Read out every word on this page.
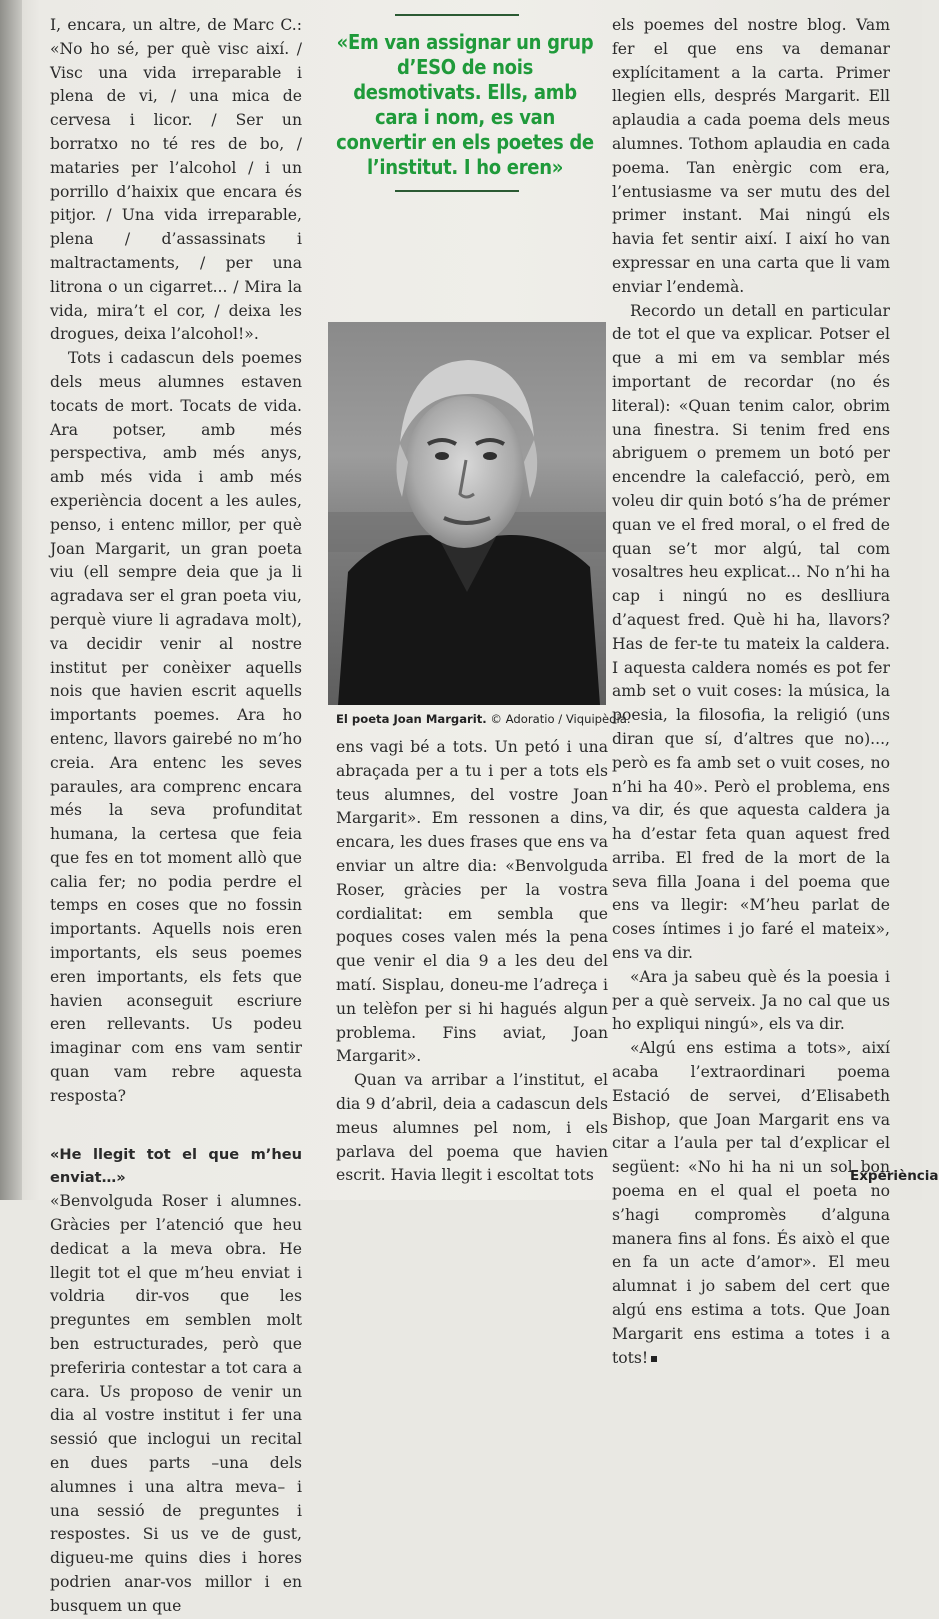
I, encara, un altre, de Marc C.: «No ho sé, per què visc així. / Visc una vida irreparable i plena de vi, / una mica de cervesa i licor. / Ser un borratxo no té res de bo, / mataries per l’alcohol / i un porrillo d’haixix que encara és pitjor. / Una vida irreparable, plena / d’assassinats i maltractaments, / per una litrona o un cigarret... / Mira la vida, mira’t el cor, / deixa les drogues, deixa l’alcohol!».

Tots i cadascun dels poemes dels meus alumnes estaven tocats de mort. Tocats de vida. Ara potser, amb més perspectiva, amb més anys, amb més vida i amb més experiència docent a les aules, penso, i entenc millor, per què Joan Margarit, un gran poeta viu (ell sempre deia que ja li agradava ser el gran poeta viu, perquè viure li agradava molt), va decidir venir al nostre institut per conèixer aquells nois que havien escrit aquells importants poemes. Ara ho entenc, llavors gairebé no m’ho creia. Ara entenc les seves paraules, ara comprenc encara més la seva profunditat humana, la certesa que feia que fes en tot moment allò que calia fer; no podia perdre el temps en coses que no fossin importants. Aquells nois eren importants, els seus poemes eren importants, els fets que havien aconseguit escriure eren rellevants. Us podeu imaginar com ens vam sentir quan vam rebre aquesta resposta?

«He llegit tot el que m’heu enviat…»

«Benvolguda Roser i alumnes. Gràcies per l’atenció que heu dedicat a la meva obra. He llegit tot el que m’heu enviat i voldria dir-vos que les preguntes em semblen molt ben estructurades, però que preferiria contestar a tot cara a cara. Us proposo de venir un dia al vostre institut i fer una sessió que inclogui un recital en dues parts –una dels alumnes i una altra meva– i una sessió de preguntes i respostes. Si us ve de gust, digueu-me quins dies i hores podrien anar-vos millor i en busquem un que

«Em van assignar un grup d’ESO de nois desmotivats. Ells, amb cara i nom, es van convertir en els poetes de l’institut. I ho eren»
El poeta Joan Margarit. © Adoratio / Viquipèdia.

ens vagi bé a tots. Un petó i una abraçada per a tu i per a tots els teus alumnes, del vostre Joan Margarit». Em ressonen a dins, encara, les dues frases que ens va enviar un altre dia: «Benvolguda Roser, gràcies per la vostra cordialitat: em sembla que poques coses valen més la pena que venir el dia 9 a les deu del matí. Sisplau, doneu-me l’adreça i un telèfon per si hi hagués algun problema. Fins aviat, Joan Margarit».

Quan va arribar a l’institut, el dia 9 d’abril, deia a cadascun dels meus alumnes pel nom, i els parlava del poema que havien escrit. Havia llegit i escoltat tots

els poemes del nostre blog. Vam fer el que ens va demanar explícitament a la carta. Primer llegien ells, després Margarit. Ell aplaudia a cada poema dels meus alumnes. Tothom aplaudia en cada poema. Tan enèrgic com era, l’entusiasme va ser mutu des del primer instant. Mai ningú els havia fet sentir així. I així ho van expressar en una carta que li vam enviar l’endemà.

Recordo un detall en particular de tot el que va explicar. Potser el que a mi em va semblar més important de recordar (no és literal): «Quan tenim calor, obrim una finestra. Si tenim fred ens abriguem o premem un botó per encendre la calefacció, però, em voleu dir quin botó s’ha de prémer quan ve el fred moral, o el fred de quan se’t mor algú, tal com vosaltres heu explicat... No n’hi ha cap i ningú no es deslliura d’aquest fred. Què hi ha, llavors? Has de fer-te tu mateix la caldera. I aquesta caldera només es pot fer amb set o vuit coses: la música, la poesia, la filosofia, la religió (uns diran que sí, d’altres que no)..., però es fa amb set o vuit coses, no n’hi ha 40». Però el problema, ens va dir, és que aquesta caldera ja ha d’estar feta quan aquest fred arriba. El fred de la mort de la seva filla Joana i del poema que ens va llegir: «M’heu parlat de coses íntimes i jo faré el mateix», ens va dir.

«Ara ja sabeu què és la poesia i per a què serveix. Ja no cal que us ho expliqui ningú», els va dir.

«Algú ens estima a tots», així acaba l’extraordinari poema Estació de servei, d’Elisabeth Bishop, que Joan Margarit ens va citar a l’aula per tal d’explicar el següent: «No hi ha ni un sol bon poema en el qual el poeta no s’hagi compromès d’alguna manera fins al fons. És això el que en fa un acte d’amor». El meu alumnat i jo sabem del cert que algú ens estima a tots. Que Joan Margarit ens estima a totes i a tots!

Experiència
